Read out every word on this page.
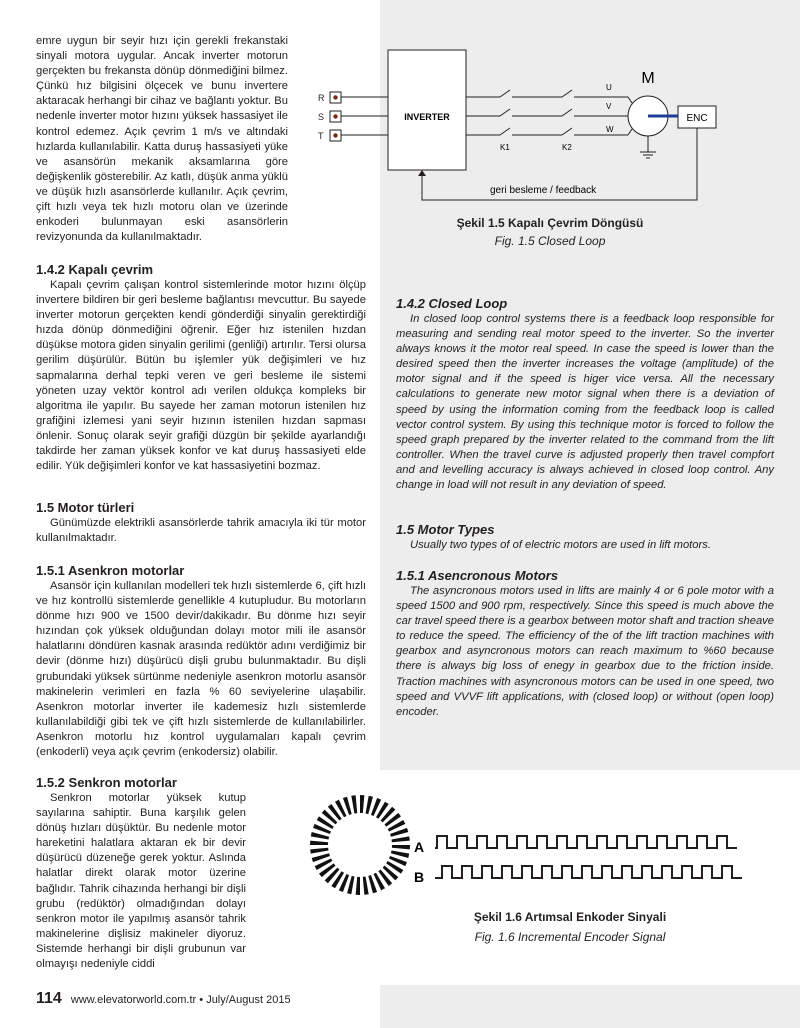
emre uygun bir seyir hızı için gerekli frekanstaki sinyali motora uygular. Ancak inverter motorun gerçekten bu frekansta dönüp dönmediğini bilmez. Çünkü hız bilgisini ölçecek ve bunu invertere aktaracak herhangi bir cihaz ve bağlantı yoktur. Bu nedenle inverter motor hızını yüksek hassasiyet ile kontrol edemez. Açık çevrim 1 m/s ve altındaki hızlarda kullanılabilir. Katta duruş hassasiyeti yüke ve asansörün mekanik aksamlarına göre değişkenlik gösterebilir. Az katlı, düşük anma yüklü ve düşük hızlı asansörlerde kullanılır. Açık çevrim, çift hızlı veya tek hızlı motoru olan ve üzerinde enkoderi bulunmayan eski asansörlerin revizyonunda da kullanılmaktadır.

1.4.2 Kapalı çevrim

Kapalı çevrim çalışan kontrol sistemlerinde motor hızını ölçüp invertere bildiren bir geri besleme bağlantısı mevcuttur. Bu sayede inverter motorun gerçekten kendi gönderdiği sinyalin gerektirdiği hızda dönüp dönmediğini öğrenir. Eğer hız istenilen hızdan düşükse motora giden sinyalin gerilimi (genliği) artırılır. Tersi olursa gerilim düşürülür. Bütün bu işlemler yük değişimleri ve hız sapmalarına derhal tepki veren ve geri besleme ile sistemi yöneten uzay vektör kontrol adı verilen oldukça kompleks bir algoritma ile yapılır. Bu sayede her zaman motorun istenilen hız grafiğini izlemesi yani seyir hızının istenilen hızdan sapması önlenir. Sonuç olarak seyir grafiği düzgün bir şekilde ayarlandığı takdirde her zaman yüksek konfor ve kat duruş hassasiyeti elde edilir. Yük değişimleri konfor ve kat hassasiyetini bozmaz.

1.5 Motor türleri

Günümüzde elektrikli asansörlerde tahrik amacıyla iki tür motor kullanılmaktadır.

1.5.1 Asenkron motorlar

Asansör için kullanılan modelleri tek hızlı sistemlerde 6, çift hızlı ve hız kontrollü sistemlerde genellikle 4 kutupludur. Bu motorların dönme hızı 900 ve 1500 devir/dakikadır. Bu dönme hızı seyir hızından çok yüksek olduğundan dolayı motor mili ile asansör halatlarını döndüren kasnak arasında redüktör adını verdiğimiz bir devir (dönme hızı) düşürücü dişli grubu bulunmaktadır. Bu dişli grubundaki yüksek sürtünme nedeniyle asenkron motorlu asansör makinelerin verimleri en fazla % 60 seviyelerine ulaşabilir. Asenkron motorlar inverter ile kademesiz hızlı sistemlerde kullanılabildiği gibi tek ve çift hızlı sistemlerde de kullanılabilirler. Asenkron motorlu hız kontrol uygulamaları kapalı çevrim (enkoderli) veya açık çevrim (enkodersiz) olabilir.

1.5.2 Senkron motorlar

Senkron motorlar yüksek kutup sayılarına sahiptir. Buna karşılık gelen dönüş hızları düşüktür. Bu nedenle motor hareketini halatlara aktaran ek bir devir düşürücü düzeneğe gerek yoktur. Aslında halatlar direkt olarak motor üzerine bağlıdır. Tahrik cihazında herhangi bir dişli grubu (redüktör) olmadığından dolayı senkron motor ile yapılmış asansör tahrik makinelerine dişlisiz makineler diyoruz. Sistemde herhangi bir dişli grubunun var olmayışı nedeniyle ciddi

R
S
T
INVERTER
K1	K2
U
V
W
M
ENC
geri besleme / feedback
Şekil 1.5 Kapalı Çevrim Döngüsü
Fig. 1.5 Closed Loop

1.4.2 Closed Loop

In closed loop control systems there is a feedback loop responsible for measuring and sending real motor speed to the inverter. So the inverter always knows it the motor real speed. In case the speed is lower than the desired speed then the inverter increases the voltage (amplitude) of the motor signal and if the speed is higer vice versa. All the necessary calculations to generate new motor signal when there is a deviation of speed by using the information coming from the feedback loop is called vector control system. By using this technique motor is forced to follow the speed graph prepared by the inverter related to the command from the lift controller. When the travel curve is adjusted properly then travel compfort and and levelling accuracy is always achieved in closed loop control. Any change in load will not result in any deviation of speed.

1.5 Motor Types

Usually two types of of electric motors are used in lift motors.

1.5.1 Asencronous Motors

The asyncronous motors used in lifts are mainly 4 or 6 pole motor with a speed 1500 and 900 rpm, respectively. Since this speed is much above the car travel speed there is a gearbox between motor shaft and traction sheave to reduce the speed. The efficiency of the of the lift traction machines with gearbox and asyncronous motors can reach maximum to %60 because there is always big loss of enegy in gearbox due to the friction inside. Traction machines with asyncronous motors can be used in one speed, two speed and VVVF lift applications, with (closed loop) or without (open loop) encoder.

A
B
Şekil 1.6 Artımsal Enkoder Sinyali
Fig. 1.6 Incremental Encoder Signal
114 www.elevatorworld.com.tr • July/August 2015
